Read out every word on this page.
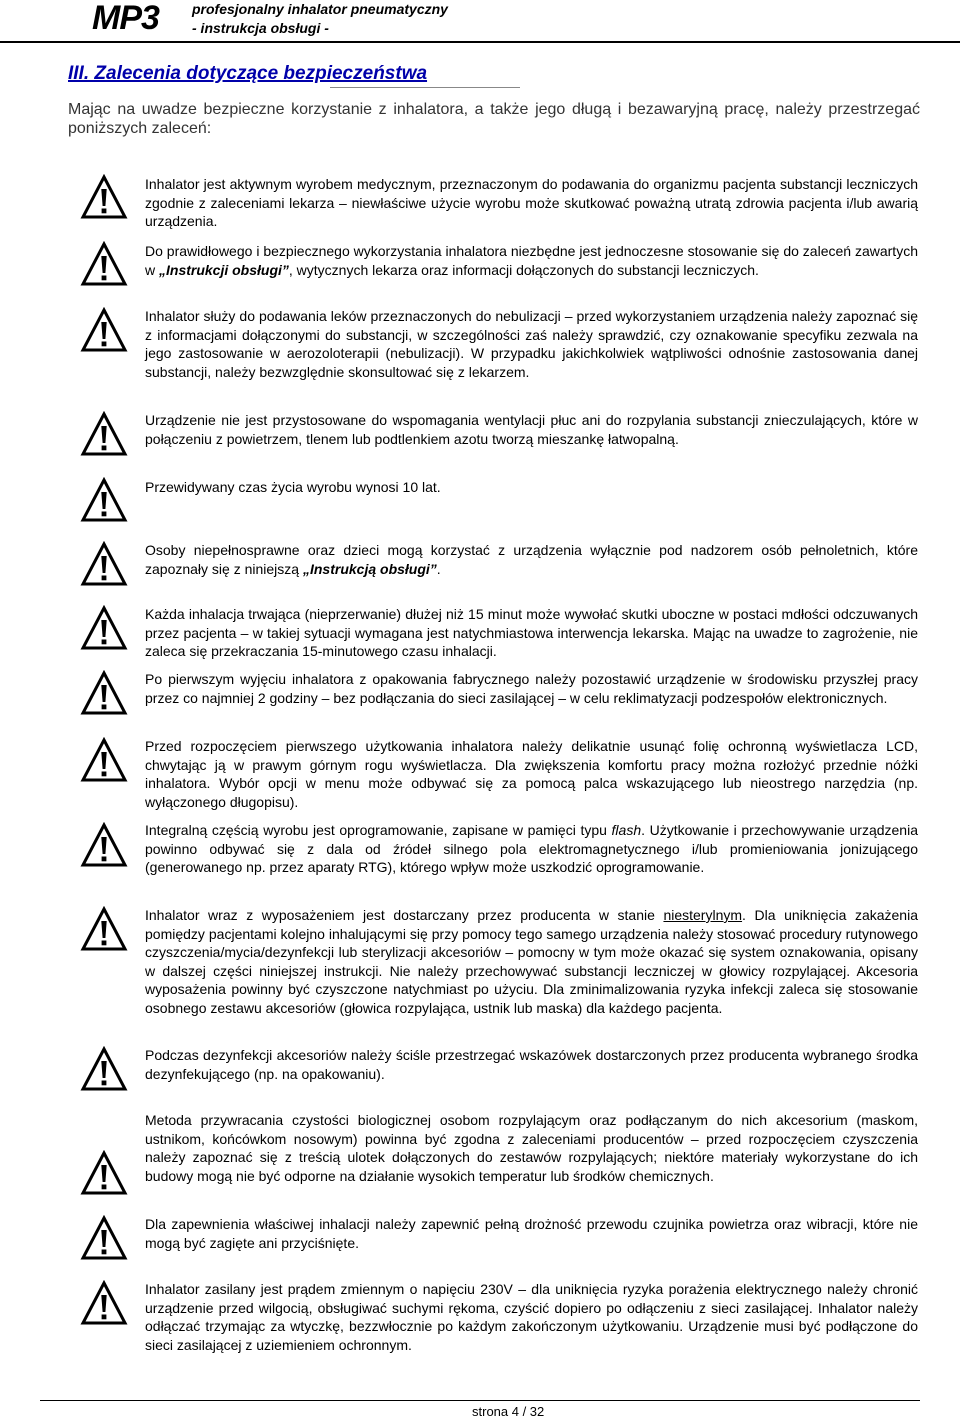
MP3 profesjonalny inhalator pneumatyczny
- instrukcja obsługi -
III. Zalecenia dotyczące bezpieczeństwa
Mając na uwadze bezpieczne korzystanie z inhalatora, a także jego długą i bezawaryjną pracę, należy przestrzegać poniższych zaleceń:
Inhalator jest aktywnym wyrobem medycznym, przeznaczonym do podawania do organizmu pacjenta substancji leczniczych zgodnie z zaleceniami lekarza – niewłaściwe użycie wyrobu może skutkować poważną utratą zdrowia pacjenta i/lub awarią urządzenia.
Do prawidłowego i bezpiecznego wykorzystania inhalatora niezbędne jest jednoczesne stosowanie się do zaleceń zawartych w „Instrukcji obsługi”, wytycznych lekarza oraz informacji dołączonych do substancji leczniczych.
Inhalator służy do podawania leków przeznaczonych do nebulizacji – przed wykorzystaniem urządzenia należy zapoznać się z informacjami dołączonymi do substancji, w szczególności zaś należy sprawdzić, czy oznakowanie specyfiku zezwala na jego zastosowanie w aerozoloterapii (nebulizacji). W przypadku jakichkolwiek wątpliwości odnośnie zastosowania danej substancji, należy bezwzględnie skonsultować się z lekarzem.
Urządzenie nie jest przystosowane do wspomagania wentylacji płuc ani do rozpylania substancji znieczulających, które w połączeniu z powietrzem, tlenem lub podtlenkiem azotu tworzą mieszankę łatwopalną.
Przewidywany czas życia wyrobu wynosi 10 lat.
Osoby niepełnosprawne oraz dzieci mogą korzystać z urządzenia wyłącznie pod nadzorem osób pełnoletnich, które zapoznały się z niniejszą „Instrukcją obsługi”.
Każda inhalacja trwająca (nieprzerwanie) dłużej niż 15 minut może wywołać skutki uboczne w postaci mdłości odczuwanych przez pacjenta – w takiej sytuacji wymagana jest natychmiastowa interwencja lekarska. Mając na uwadze to zagrożenie, nie zaleca się przekraczania 15-minutowego czasu inhalacji.
Po pierwszym wyjęciu inhalatora z opakowania fabrycznego należy pozostawić urządzenie w środowisku przyszłej pracy przez co najmniej 2 godziny – bez podłączania do sieci zasilającej – w celu reklimatyzacji podzespołów elektronicznych.
Przed rozpoczęciem pierwszego użytkowania inhalatora należy delikatnie usunąć folię ochronną wyświetlacza LCD, chwytając ją w prawym górnym rogu wyświetlacza. Dla zwiększenia komfortu pracy można rozłożyć przednie nóżki inhalatora. Wybór opcji w menu może odbywać się za pomocą palca wskazującego lub nieostrego narzędzia (np. wyłączonego długopisu).
Integralną częścią wyrobu jest oprogramowanie, zapisane w pamięci typu flash. Użytkowanie i przechowywanie urządzenia powinno odbywać się z dala od źródeł silnego pola elektromagnetycznego i/lub promieniowania jonizującego (generowanego np. przez aparaty RTG), którego wpływ może uszkodzić oprogramowanie.
Inhalator wraz z wyposażeniem jest dostarczany przez producenta w stanie niesterylnym. Dla uniknięcia zakażenia pomiędzy pacjentami kolejno inhalującymi się przy pomocy tego samego urządzenia należy stosować procedury rutynowego czyszczenia/mycia/dezynfekcji lub sterylizacji akcesoriów – pomocny w tym może okazać się system oznakowania, opisany w dalszej części niniejszej instrukcji. Nie należy przechowywać substancji leczniczej w głowicy rozpylającej. Akcesoria wyposażenia powinny być czyszczone natychmiast po użyciu. Dla zminimalizowania ryzyka infekcji zaleca się stosowanie osobnego zestawu akcesoriów (głowica rozpylająca, ustnik lub maska) dla każdego pacjenta.
Podczas dezynfekcji akcesoriów należy ściśle przestrzegać wskazówek dostarczonych przez producenta wybranego środka dezynfekującego (np. na opakowaniu).
Metoda przywracania czystości biologicznej osobom rozpylającym oraz podłączanym do nich akcesorium (maskom, ustnikom, końcówkom nosowym) powinna być zgodna z zaleceniami producentów – przed rozpoczęciem czyszczenia należy zapoznać się z treścią ulotek dołączonych do zestawów rozpylających; niektóre materiały wykorzystane do ich budowy mogą nie być odporne na działanie wysokich temperatur lub środków chemicznych.
Dla zapewnienia właściwej inhalacji należy zapewnić pełną drożność przewodu czujnika powietrza oraz wibracji, które nie mogą być zagięte ani przyciśnięte.
Inhalator zasilany jest prądem zmiennym o napięciu 230V – dla uniknięcia ryzyka porażenia elektrycznego należy chronić urządzenie przed wilgocią, obsługiwać suchymi rękoma, czyścić dopiero po odłączeniu z sieci zasilającej. Inhalator należy odłączać trzymając za wtyczkę, bezzwłocznie po każdym zakończonym użytkowaniu. Urządzenie musi być podłączone do sieci zasilającej z uziemieniem ochronnym.
strona 4 / 32
